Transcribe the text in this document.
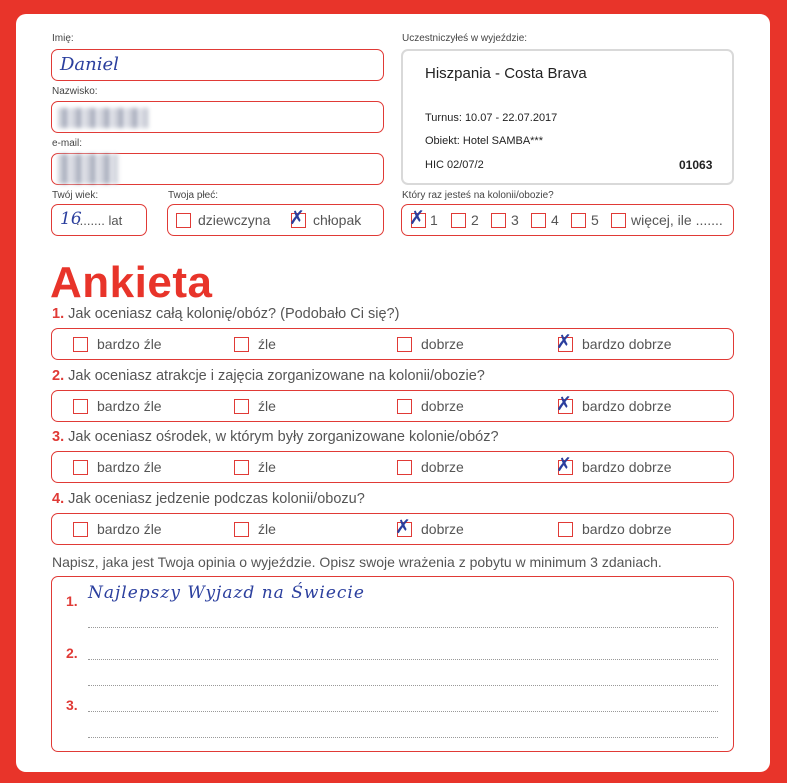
Imię:
Daniel
Nazwisko:
e-mail:
Twój wiek:
16
........ lat
Twoja płeć:
dziewczyna ✗ chłopak
Uczestniczyłeś w wyjeździe:
Hiszpania - Costa Brava
Turnus: 10.07 - 22.07.2017
Obiekt: Hotel SAMBA***
HIC 02/07/2	01063
Który raz jesteś na kolonii/obozie?
✗ 1 2 3 4 5 więcej, ile .......
Ankieta
1. Jak oceniasz całą kolonię/obóz? (Podobało Ci się?)
bardzo źle	źle	dobrze	✗ bardzo dobrze
2. Jak oceniasz atrakcje i zajęcia zorganizowane na kolonii/obozie?
bardzo źle	źle	dobrze	✗ bardzo dobrze
3. Jak oceniasz ośrodek, w którym były zorganizowane kolonie/obóz?
bardzo źle	źle	dobrze	✗ bardzo dobrze
4. Jak oceniasz jedzenie podczas kolonii/obozu?
bardzo źle	źle	✗ dobrze	bardzo dobrze
Napisz, jaka jest Twoja opinia o wyjeździe. Opisz swoje wrażenia z pobytu w minimum 3 zdaniach.
1. Najlepszy Wyjazd na Świecie
2.
3.
